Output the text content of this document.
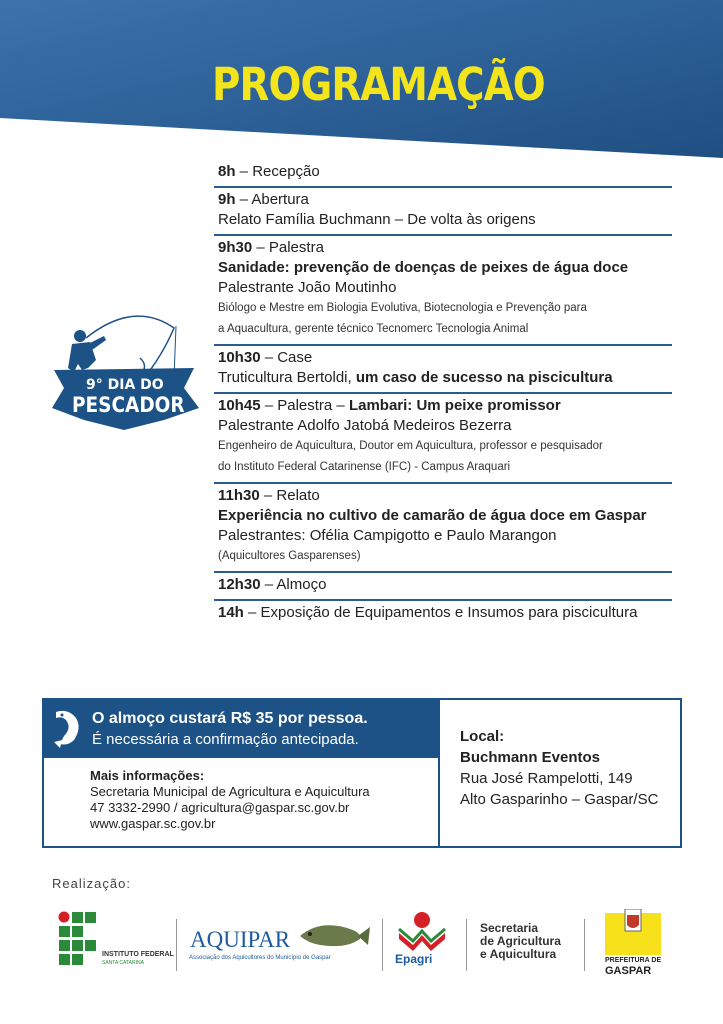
PROGRAMAÇÃO
9° DIA DO
PESCADOR
8h – Recepção
9h – Abertura
Relato Família Buchmann – De volta às origens
9h30 – Palestra
Sanidade: prevenção de doenças de peixes de água doce
Palestrante João Moutinho
Biólogo e Mestre em Biologia Evolutiva, Biotecnologia e Prevenção para
a Aquacultura, gerente técnico Tecnomerc Tecnologia Animal
10h30 – Case
Truticultura Bertoldi, um caso de sucesso na piscicultura
10h45 – Palestra – Lambari: Um peixe promissor
Palestrante Adolfo Jatobá Medeiros Bezerra
Engenheiro de Aquicultura, Doutor em Aquicultura, professor e pesquisador
do Instituto Federal Catarinense (IFC) - Campus Araquari
11h30 – Relato
Experiência no cultivo de camarão de água doce em Gaspar
Palestrantes: Ofélia Campigotto e Paulo Marangon
(Aquicultores Gasparenses)
12h30 – Almoço
14h – Exposição de Equipamentos e Insumos para piscicultura
O almoço custará R$ 35 por pessoa.
É necessária a confirmação antecipada.
Mais informações:
Secretaria Municipal de Agricultura e Aquicultura
47 3332-2990 / agricultura@gaspar.sc.gov.br
www.gaspar.sc.gov.br
Local:
Buchmann Eventos
Rua José Rampelotti, 149
Alto Gasparinho – Gaspar/SC
Realização:
INSTITUTO FEDERAL
SANTA CATARINA
AQUIPAR
Associação dos Aquicultores do Município de Gaspar	Epagri
Secretaria
de Agricultura
e Aquicultura	PREFEITURA DE
GASPAR
